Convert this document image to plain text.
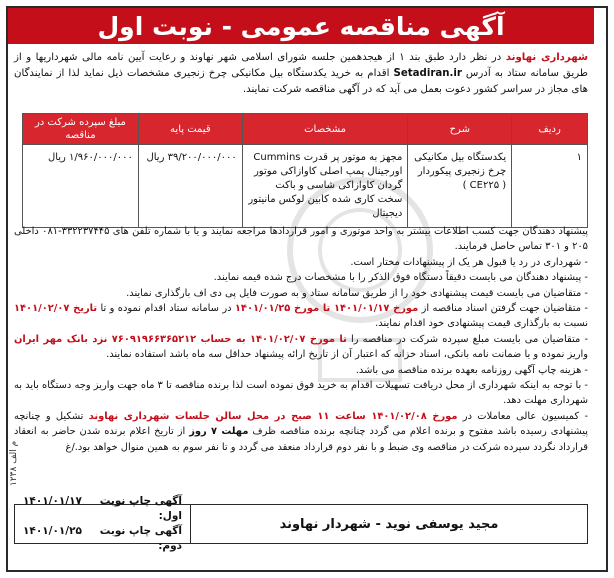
آگهی مناقصه عمومی - نوبت اول
شهرداری نهاوند در نظر دارد طبق بند ۱ از هیجدهمین جلسه شورای اسلامی شهر نهاوند و رعایت آیین نامه مالی شهرداریها و از طریق سامانه ستاد به آدرس Setadiran.ir اقدام به خرید یکدستگاه بیل مکانیکی چرخ زنجیری مشخصات ذیل نماید لذا از نمایندگان های مجاز در سراسر کشور دعوت بعمل می آید که در آگهی مناقصه شرکت نمایند.
ردیف	شرح	مشخصات	قیمت پایه	مبلغ سپرده شرکت در مناقصه
۱	یکدستگاه بیل مکانیکی چرخ زنجیری پیکوردار ( CE۲۲۵ )	مجهز به موتور پر قدرت Cummins اورجینال پمپ اصلی کاوازاکی موتور گردان کاوازاکی شاسی و باکت سخت کاری شده کابین لوکس مانیتور دیجیتال	۳۹/۲۰۰/۰۰۰/۰۰۰ ریال	۱/۹۶۰/۰۰۰/۰۰۰ ریال

پیشنهاد دهندگان جهت کسب اطلاعات بیشتر به واحد موتوری و امور قراردادها مراجعه نمایند و یا با شماره تلفن های ۳۳۲۲۳۷۴۴۵-۰۸۱ داخلی ۲۰۵ و ۳۰۱ تماس حاصل فرمایند.

- شهرداری در رد یا قبول هر یک از پیشنهادات مختار است.

- پیشنهاد دهندگان می بایست دقیقاً دستگاه فوق الذکر را با مشخصات درج شده قیمه نمایند.

- متقاضیان می بایست قیمت پیشنهادی خود را از طریق سامانه ستاد و به صورت فایل پی دی اف بارگذاری نمایند.

- متقاضیان جهت گرفتن اسناد مناقصه از مورخ ۱۴۰۱/۰۱/۱۷ تا مورخ ۱۴۰۱/۰۱/۲۵ در سامانه ستاد اقدام نموده و تا تاریخ ۱۴۰۱/۰۲/۰۷ نسبت به بارگذاری قیمت پیشنهادی خود اقدام نمایند.

- متقاضیان می بایست مبلغ سپرده شرکت در مناقصه را تا مورخ ۱۴۰۱/۰۲/۰۷ به حساب ۷۶۰۹۱۹۶۶۳۶۵۲۱۲ نزد بانک مهر ایران واریز نموده و یا ضمانت نامه بانکی، اسناد خزانه که اعتبار آن از تاریخ ارائه پیشنهاد حداقل سه ماه باشد استفاده نمایند.

- هزینه چاپ آگهی روزنامه بعهده برنده مناقصه می باشد.

- با توجه به اینکه شهرداری از محل دریافت تسهیلات اقدام به خرید فوق نموده است لذا برنده مناقصه تا ۳ ماه جهت واریز وجه دستگاه باید به شهرداری مهلت دهد.

- کمیسیون عالی معاملات در مورخ ۱۴۰۱/۰۲/۰۸ ساعت ۱۱ صبح در محل سالن جلسات شهرداری نهاوند تشکیل و چنانچه پیشنهادی رسیده باشد مفتوح و برنده اعلام می گردد چنانچه برنده مناقصه ظرف مهلت ۷ روز از تاریخ اعلام برنده شدن حاضر به انعقاد قرارداد نگردد سپرده شرکت در مناقصه وی ضبط و با نفر دوم قرارداد منعقد می گردد و تا نفر سوم به همین منوال خواهد بود./غ

م الف ۱۲۳۸
مجید یوسفی نوید - شهردار نهاوند
آگهی چاپ نوبت اول:
۱۴۰۱/۰۱/۱۷
آگهی چاپ نوبت دوم:
۱۴۰۱/۰۱/۲۵
